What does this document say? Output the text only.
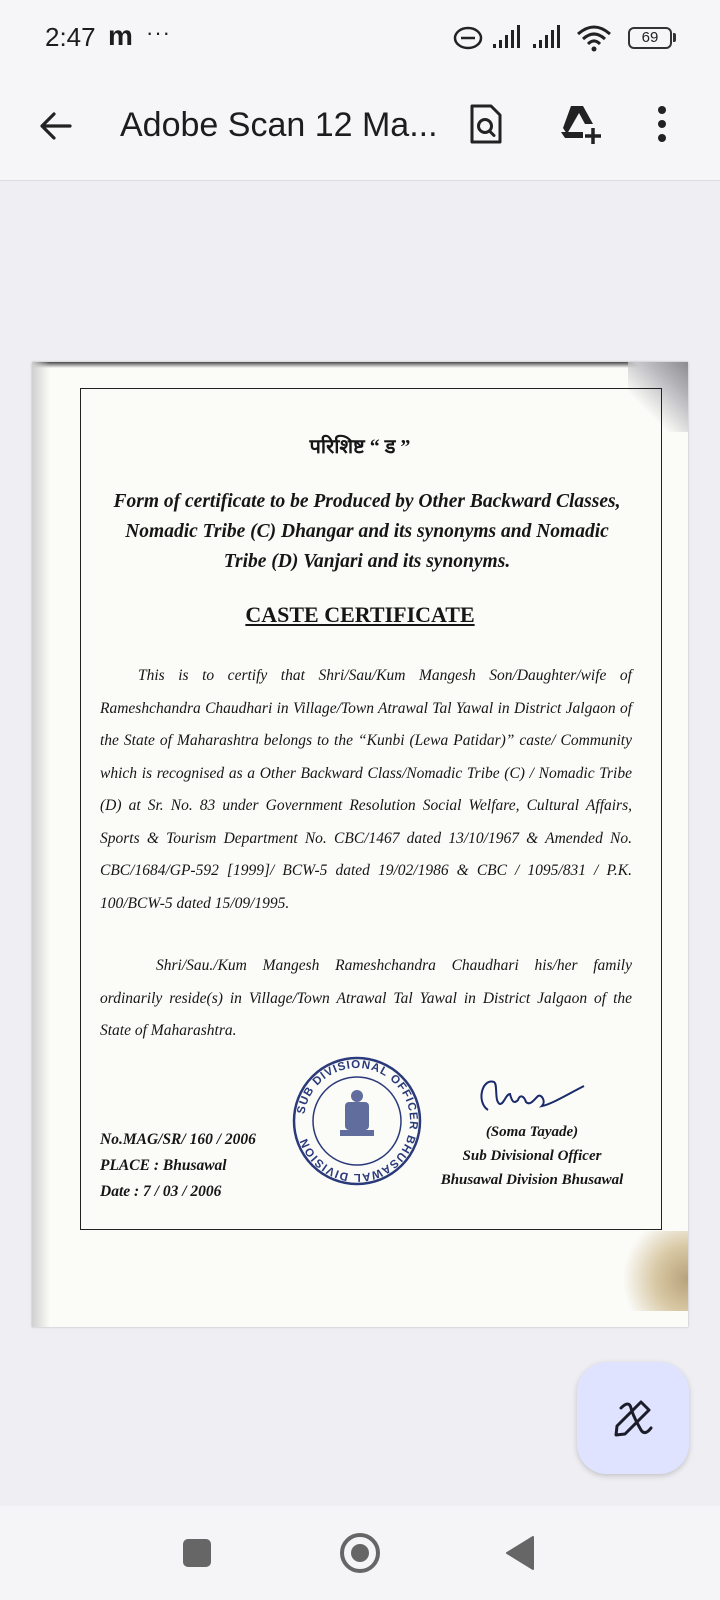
2:47 m ···	69
Adobe Scan 12 Ma...
परिशिष्ट “ ड ”
Form of certificate to be Produced by Other Backward Classes, Nomadic Tribe (C) Dhangar and its synonyms and Nomadic Tribe (D) Vanjari and its synonyms.
CASTE CERTIFICATE
This is to certify that Shri/Sau/Kum Mangesh Son/Daughter/wife of Rameshchandra Chaudhari in Village/Town Atrawal Tal Yawal in District Jalgaon of the State of Maharashtra belongs to the “Kunbi (Lewa Patidar)” caste/ Community which is recognised as a Other Backward Class/Nomadic Tribe (C) / Nomadic Tribe (D) at Sr. No. 83 under Government Resolution Social Welfare, Cultural Affairs, Sports & Tourism Department No. CBC/1467 dated 13/10/1967 & Amended No. CBC/1684/GP-592 [1999]/ BCW-5 dated 19/02/1986 & CBC / 1095/831 / P.K. 100/BCW-5 dated 15/09/1995.
Shri/Sau./Kum Mangesh Rameshchandra Chaudhari his/her family ordinarily reside(s) in Village/Town Atrawal Tal Yawal in District Jalgaon of the State of Maharashtra.
No.MAG/SR/ 160 / 2006
PLACE : Bhusawal
Date : 7 / 03 / 2006
SUB DIVISIONAL OFFICER BHUSAWAL DIVISION
(Soma Tayade)
Sub Divisional Officer
Bhusawal Division Bhusawal
